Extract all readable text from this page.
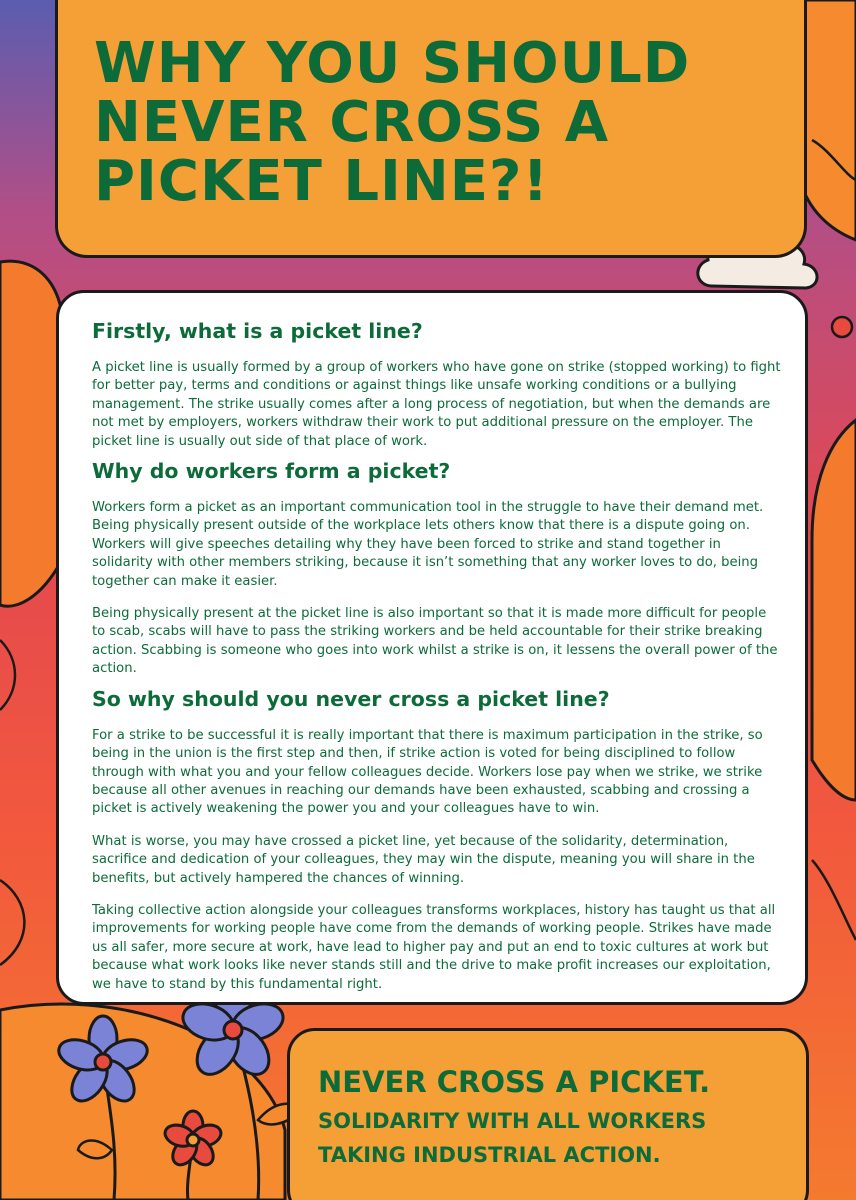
WHY YOU SHOULD NEVER CROSS A PICKET LINE?!
Firstly, what is a picket line?

A picket line is usually formed by a group of workers who have gone on strike (stopped working) to fight for better pay, terms and conditions or against things like unsafe working conditions or a bullying management. The strike usually comes after a long process of negotiation, but when the demands are not met by employers, workers withdraw their work to put additional pressure on the employer. The picket line is usually out side of that place of work.

Why do workers form a picket?

Workers form a picket as an important communication tool in the struggle to have their demand met. Being physically present outside of the workplace lets others know that there is a dispute going on. Workers will give speeches detailing why they have been forced to strike and stand together in solidarity with other members striking, because it isn’t something that any worker loves to do, being together can make it easier.

Being physically present at the picket line is also important so that it is made more difficult for people to scab, scabs will have to pass the striking workers and be held accountable for their strike breaking action. Scabbing is someone who goes into work whilst a strike is on, it lessens the overall power of the action.

So why should you never cross a picket line?

For a strike to be successful it is really important that there is maximum participation in the strike, so being in the union is the first step and then, if strike action is voted for being disciplined to follow through with what you and your fellow colleagues decide. Workers lose pay when we strike, we strike because all other avenues in reaching our demands have been exhausted, scabbing and crossing a picket is actively weakening the power you and your colleagues have to win.

What is worse, you may have crossed a picket line, yet because of the solidarity, determination, sacrifice and dedication of your colleagues, they may win the dispute, meaning you will share in the benefits, but actively hampered the chances of winning.

Taking collective action alongside your colleagues transforms workplaces, history has taught us that all improvements for working people have come from the demands of working people. Strikes have made us all safer, more secure at work, have lead to higher pay and put an end to toxic cultures at work but because what work looks like never stands still and the drive to make profit increases our exploitation, we have to stand by this fundamental right.

NEVER CROSS A PICKET.

SOLIDARITY WITH ALL WORKERS TAKING INDUSTRIAL ACTION.
